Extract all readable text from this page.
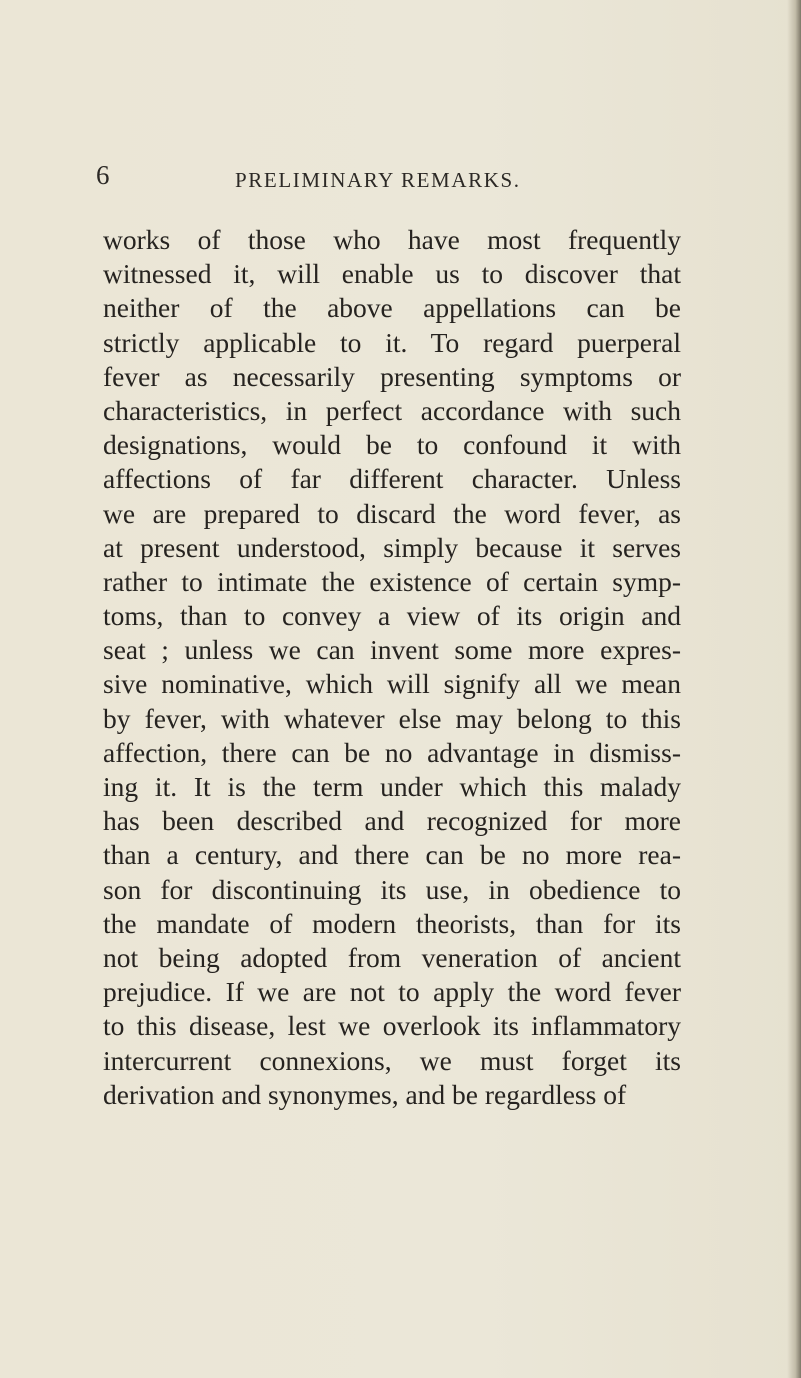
6	PRELIMINARY REMARKS.
works of those who have most frequently
witnessed it, will enable us to discover that
neither of the above appellations can be
strictly applicable to it. To regard puerperal
fever as necessarily presenting symptoms or
characteristics, in perfect accordance with such
designations, would be to confound it with
affections of far different character. Unless
we are prepared to discard the word fever, as
at present understood, simply because it serves
rather to intimate the existence of certain symp-
toms, than to convey a view of its origin and
seat ; unless we can invent some more expres-
sive nominative, which will signify all we mean
by fever, with whatever else may belong to this
affection, there can be no advantage in dismiss-
ing it. It is the term under which this malady
has been described and recognized for more
than a century, and there can be no more rea-
son for discontinuing its use, in obedience to
the mandate of modern theorists, than for its
not being adopted from veneration of ancient
prejudice. If we are not to apply the word fever
to this disease, lest we overlook its inflammatory
intercurrent connexions, we must forget its
derivation and synonymes, and be regardless of
